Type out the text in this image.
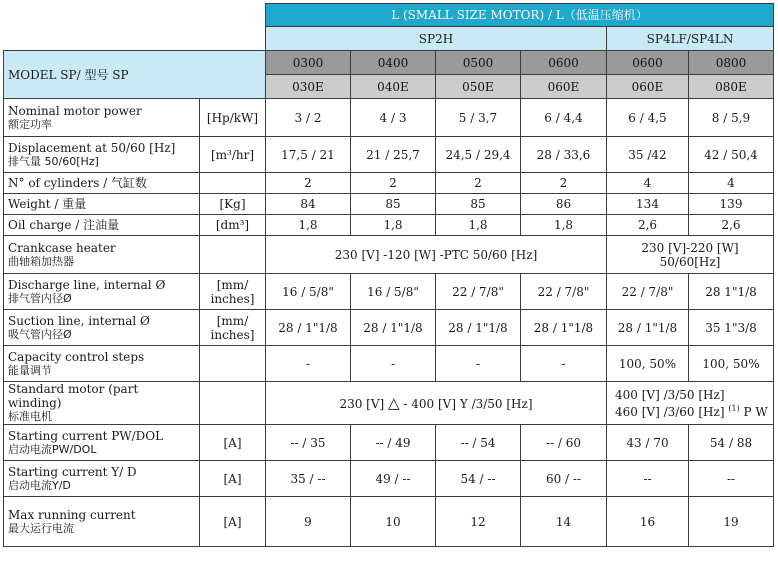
		L (SMALL SIZE MOTOR) / L（低温压缩机）					
		SP2H				SP4LF/SP4LN	
MODEL SP/ 型号 SP		0300	0400	0500	0600	0600	0800
		030E	040E	050E	060E	060E	080E

Nominal motor power
额定功率	[Hp/kW]	3 / 2	4 / 3	5 / 3,7	6 / 4,4	6 / 4,5	8 / 5,9

Displacement at 50/60 [Hz]
排气量 50/60[Hz]	[m³/hr]	17,5 / 21	21 / 25,7	24,5 / 29,4	28 / 33,6	35 /42	42 / 50,4
N° of cylinders / 气缸数		2	2	2	2	4	4
Weight / 重量	[Kg]	84	85	85	86	134	139
Oil charge / 注油量	[dm³]	1,8	1,8	1,8	1,8	2,6	2,6

Crankcase heater
曲轴箱加热器		230 [V] -120 [W] -PTC 50/60 [Hz]				230 [V]-220 [W] 50/60[Hz]	

Discharge line, internal Ø
排气管内径Ø	[mm/
inches]	16 / 5/8"	16 / 5/8"	22 / 7/8"	22 / 7/8"	22 / 7/8"	28 1"1/8

Suction line, internal Ø
吸气管内径Ø	[mm/
inches]	28 / 1"1/8	28 / 1"1/8	28 / 1"1/8	28 / 1"1/8	28 / 1"1/8	35 1"3/8

Capacity control steps
能量调节		-	-	-	-	100, 50%	100, 50%

Standard motor (part winding)
标准电机		230 [V] △ - 400 [V] Y /3/50 [Hz]				400 [V] /3/50 [Hz]
460 [V] /3/60 [Hz] $^{(1)}$ P W	

Starting current PW/DOL
启动电流PW/DOL	[A]	-- / 35	-- / 49	-- / 54	-- / 60	43 / 70	54 / 88

Starting current Y/ D
启动电流Y/D	[A]	35 / --	49 / --	54 / --	60 / --	--	--

Max running current
最大运行电流	[A]	9	10	12	14	16	19
